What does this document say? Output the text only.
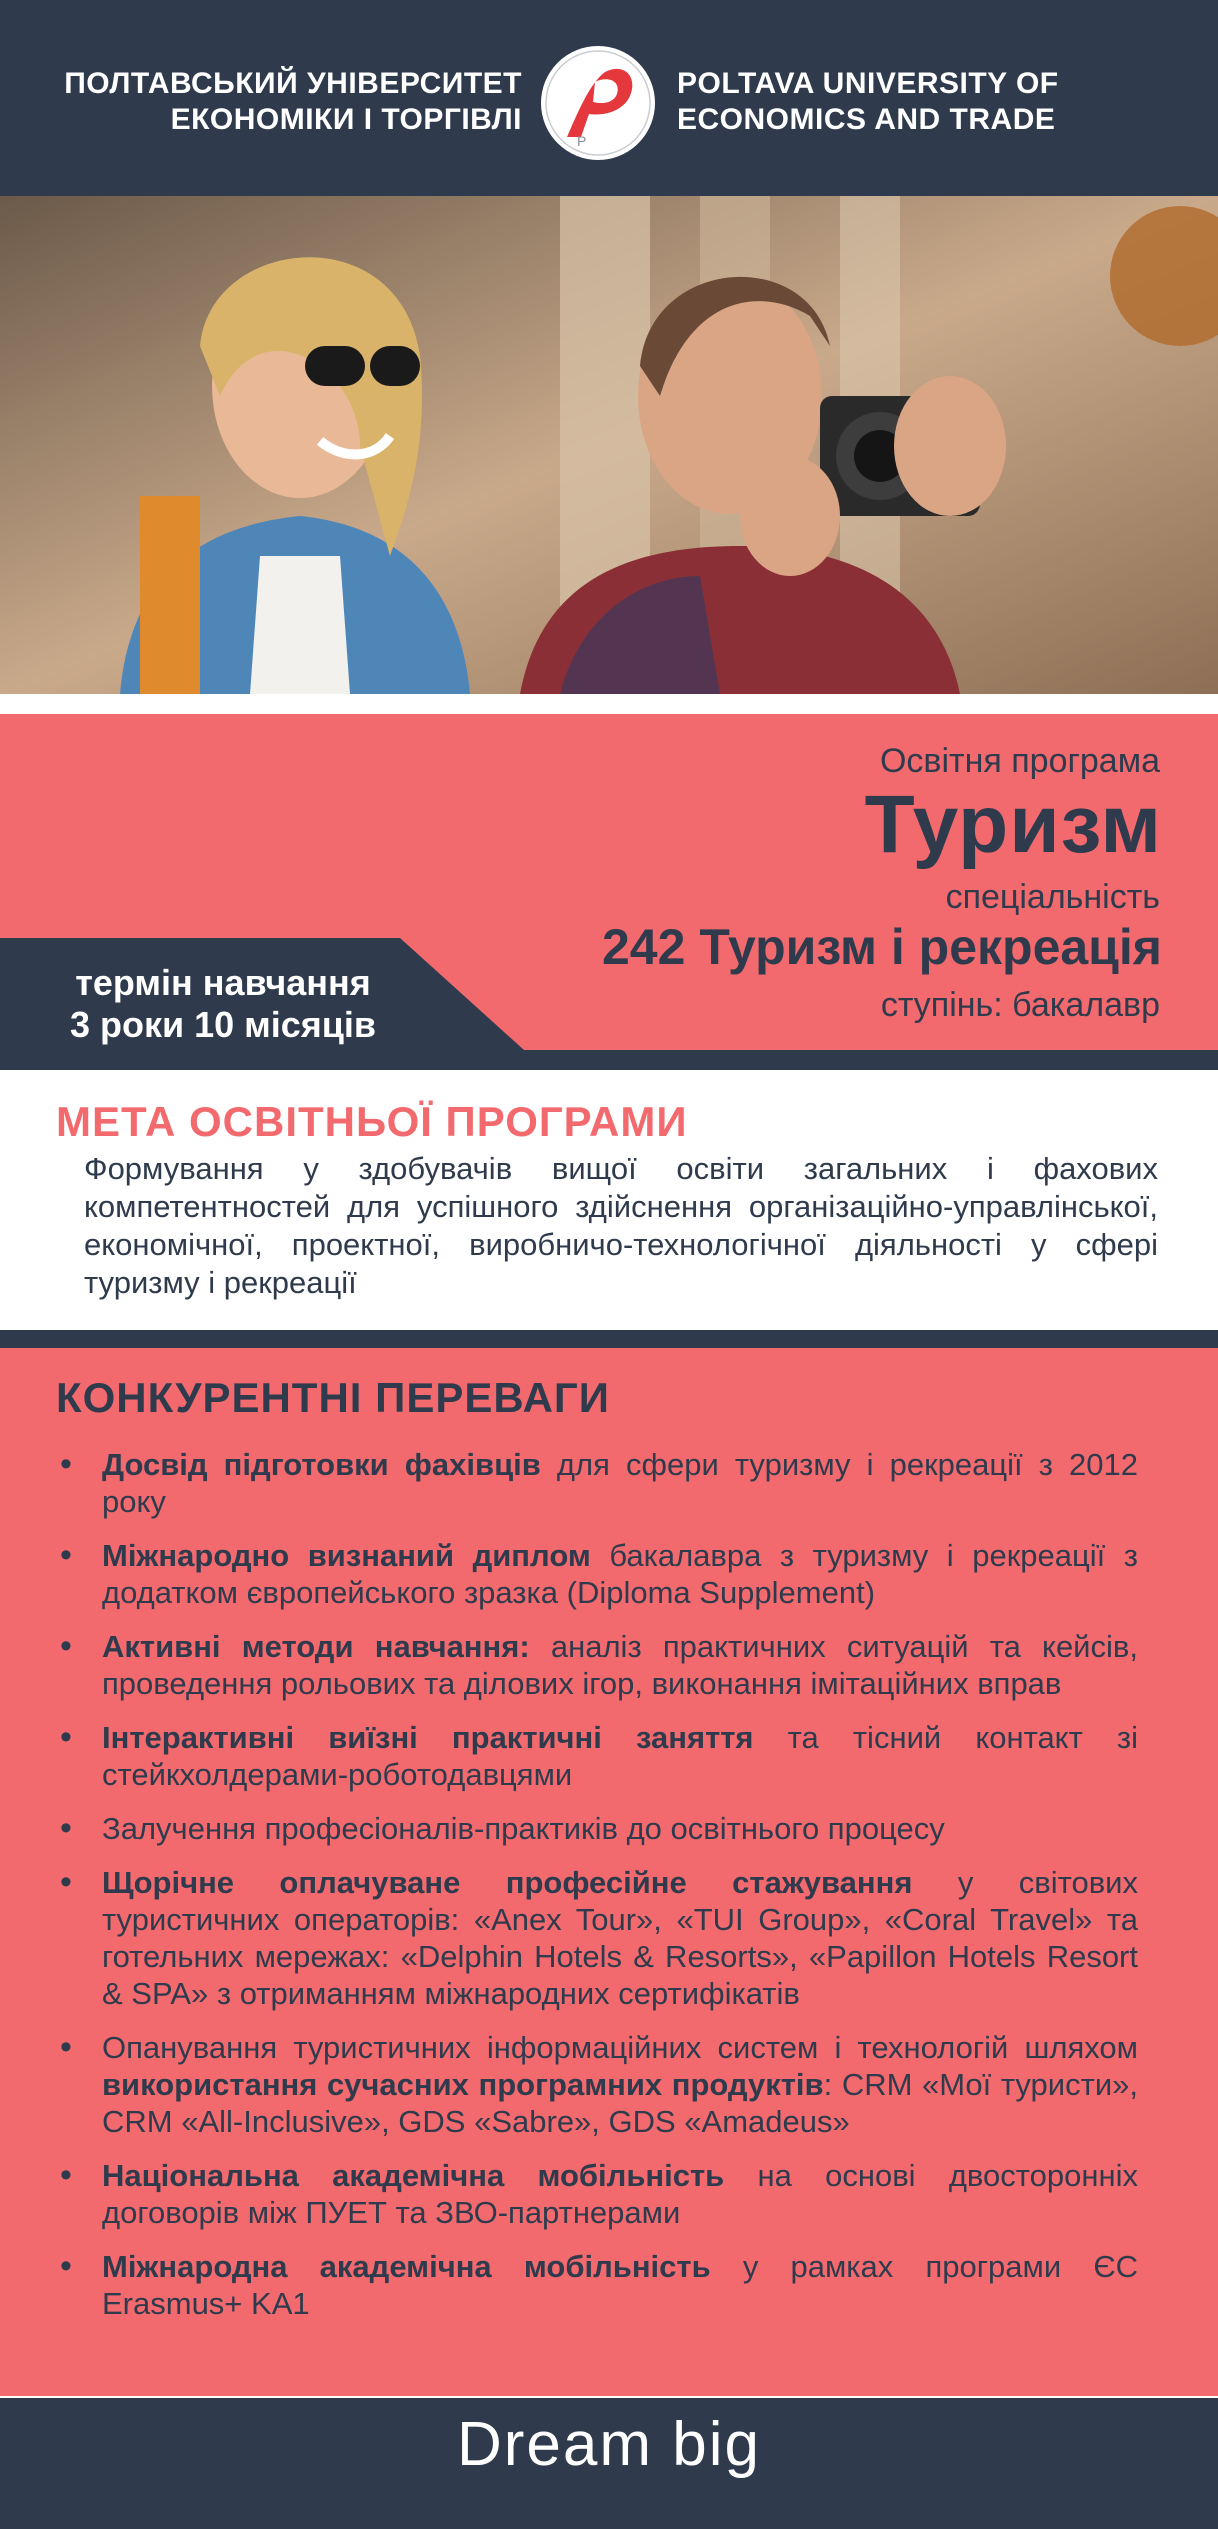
ПОЛТАВСЬКИЙ УНІВЕРСИТЕТ
ЕКОНОМІКИ І ТОРГІВЛІ
P
POLTAVA UNIVERSITY OF
ECONOMICS AND TRADE
Освітня програма
Туризм
спеціальність
242 Туризм і рекреація
ступінь: бакалавр
термін навчання
3 роки 10 місяців
МЕТА ОСВІТНЬОЇ ПРОГРАМИ
Формування у здобувачів вищої освіти загальних і фахових компетентностей для успішного здійснення організаційно-управлінської, економічної, проектної, виробничо-технологічної діяльності у сфері туризму і рекреації
КОНКУРЕНТНІ ПЕРЕВАГИ
• Досвід підготовки фахівців для сфери туризму і рекреації з 2012 року
• Міжнародно визнаний диплом бакалавра з туризму і рекреації з додатком європейського зразка (Diploma Supplement)
• Активні методи навчання: аналіз практичних ситуацій та кейсів, проведення рольових та ділових ігор, виконання імітаційних вправ
• Інтерактивні виїзні практичні заняття та тісний контакт зі стейкхолдерами-роботодавцями
• Залучення професіоналів-практиків до освітнього процесу
• Щорічне оплачуване професійне стажування у світових туристичних операторів: «Anex Tour», «TUI Group», «Coral Travel» та готельних мережах: «Delphin Hotels & Resorts», «Papillon Hotels Resort & SPA» з отриманням міжнародних сертифікатів
• Опанування туристичних інформаційних систем і технологій шляхом використання сучасних програмних продуктів: CRM «Мої туристи», CRM «All-Inclusive», GDS «Sabre», GDS «Amadeus»
• Національна академічна мобільність на основі двосторонніх договорів між ПУЕТ та ЗВО-партнерами
• Міжнародна академічна мобільність у рамках програми ЄС Erasmus+ KA1
Dream big
